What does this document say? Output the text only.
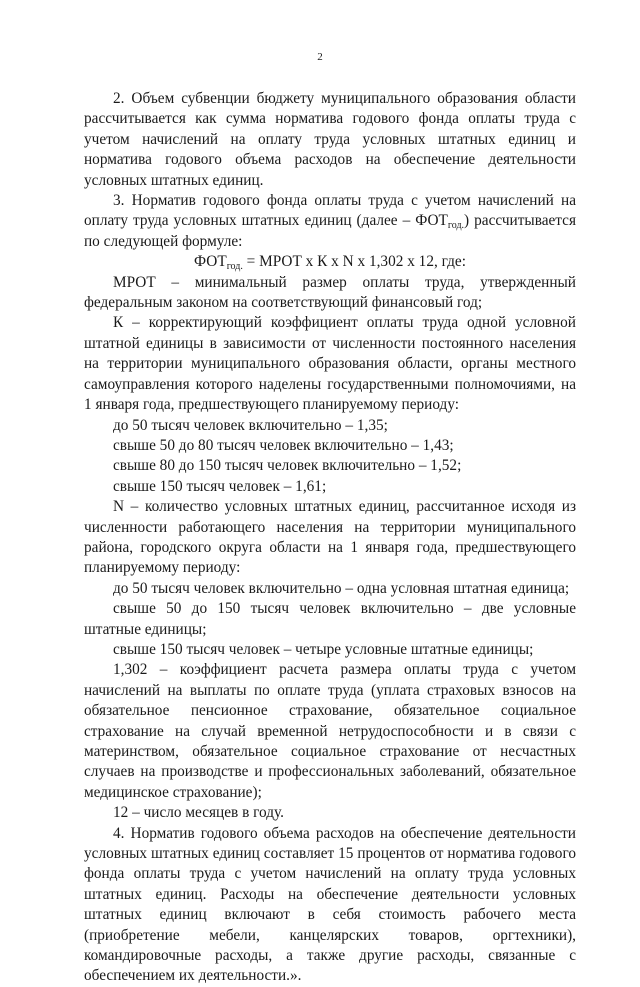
2

2. Объем субвенции бюджету муниципального образования области рассчитывается как сумма норматива годового фонда оплаты труда с учетом начислений на оплату труда условных штатных единиц и норматива годового объема расходов на обеспечение деятельности условных штатных единиц.

3. Норматив годового фонда оплаты труда с учетом начислений на оплату труда условных штатных единиц (далее – $ФОТ_{год.}$) рассчитывается по следующей формуле:

$ФОТ_{год.}$ = МРОТ х К х N х 1,302 х 12, где:

МРОТ – минимальный размер оплаты труда, утвержденный федеральным законом на соответствующий финансовый год;

К – корректирующий коэффициент оплаты труда одной условной штатной единицы в зависимости от численности постоянного населения на территории муниципального образования области, органы местного самоуправления которого наделены государственными полномочиями, на 1 января года, предшествующего планируемому периоду:

до 50 тысяч человек включительно – 1,35;

свыше 50 до 80 тысяч человек включительно – 1,43;

свыше 80 до 150 тысяч человек включительно – 1,52;

свыше 150 тысяч человек – 1,61;

N – количество условных штатных единиц, рассчитанное исходя из численности работающего населения на территории муниципального района, городского округа области на 1 января года, предшествующего планируемому периоду:

до 50 тысяч человек включительно – одна условная штатная единица;

свыше 50 до 150 тысяч человек включительно – две условные штатные единицы;

свыше 150 тысяч человек – четыре условные штатные единицы;

1,302 – коэффициент расчета размера оплаты труда с учетом начислений на выплаты по оплате труда (уплата страховых взносов на обязательное пенсионное страхование, обязательное социальное страхование на случай временной нетрудоспособности и в связи с материнством, обязательное социальное страхование от несчастных случаев на производстве и профессиональных заболеваний, обязательное медицинское страхование);

12 – число месяцев в году.

4. Норматив годового объема расходов на обеспечение деятельности условных штатных единиц составляет 15 процентов от норматива годового фонда оплаты труда с учетом начислений на оплату труда условных штатных единиц. Расходы на обеспечение деятельности условных штатных единиц включают в себя стоимость рабочего места (приобретение мебели, канцелярских товаров, оргтехники), командировочные расходы, а также другие расходы, связанные с обеспечением их деятельности.».
